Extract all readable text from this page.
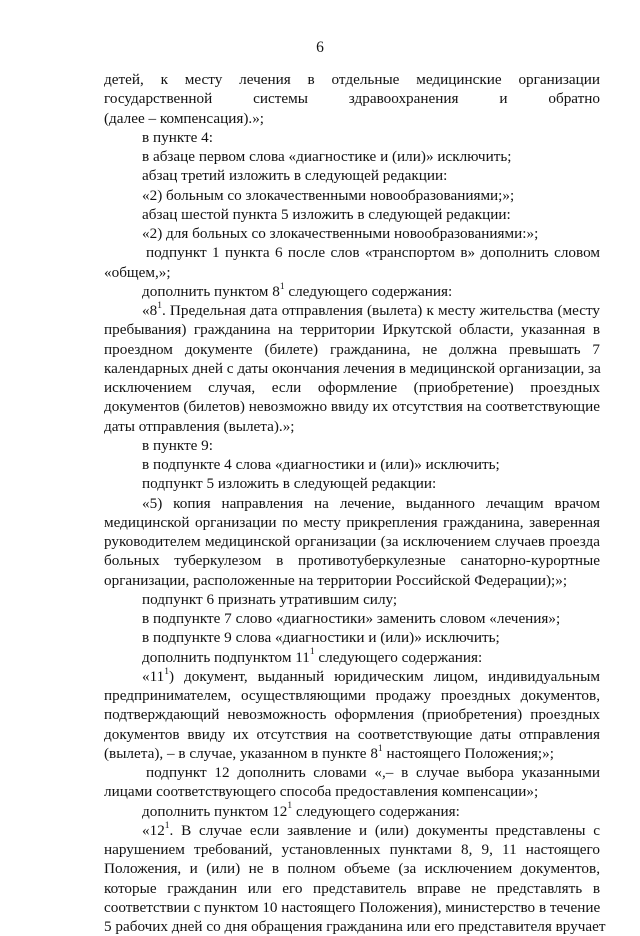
6
детей, к месту лечения в отдельные медицинские организации
государственной системы здравоохранения и обратно
(далее – компенсация).»;
в пункте 4:
в абзаце первом слова «диагностике и (или)» исключить;
абзац третий изложить в следующей редакции:
«2) больным со злокачественными новообразованиями;»;
абзац шестой пункта 5 изложить в следующей редакции:
«2) для больных со злокачественными новообразованиями:»;
подпункт 1 пункта 6 после слов «транспортом в» дополнить словом
«общем,»;
дополнить пунктом $8^1$ следующего содержания:
«$8^1$. Предельная дата отправления (вылета) к месту жительства (месту
пребывания) гражданина на территории Иркутской области, указанная в
проездном документе (билете) гражданина, не должна превышать 7
календарных дней с даты окончания лечения в медицинской организации, за
исключением случая, если оформление (приобретение) проездных
документов (билетов) невозможно ввиду их отсутствия на соответствующие
даты отправления (вылета).»;
в пункте 9:
в подпункте 4 слова «диагностики и (или)» исключить;
подпункт 5 изложить в следующей редакции:
«5) копия направления на лечение, выданного лечащим врачом
медицинской организации по месту прикрепления гражданина, заверенная
руководителем медицинской организации (за исключением случаев проезда
больных туберкулезом в противотуберкулезные санаторно-курортные
организации, расположенные на территории Российской Федерации);»;
подпункт 6 признать утратившим силу;
в подпункте 7 слово «диагностики» заменить словом «лечения»;
в подпункте 9 слова «диагностики и (или)» исключить;
дополнить подпунктом $11^1$ следующего содержания:
«$11^1$) документ, выданный юридическим лицом, индивидуальным
предпринимателем, осуществляющими продажу проездных документов,
подтверждающий невозможность оформления (приобретения) проездных
документов ввиду их отсутствия на соответствующие даты отправления
(вылета), – в случае, указанном в пункте $8^1$ настоящего Положения;»;
подпункт 12 дополнить словами «,– в случае выбора указанными
лицами соответствующего способа предоставления компенсации»;
дополнить пунктом $12^1$ следующего содержания:
«$12^1$. В случае если заявление и (или) документы представлены с
нарушением требований, установленных пунктами 8, 9, 11 настоящего
Положения, и (или) не в полном объеме (за исключением документов,
которые гражданин или его представитель вправе не представлять в
соответствии с пунктом 10 настоящего Положения), министерство в течение
5 рабочих дней со дня обращения гражданина или его представителя вручает
